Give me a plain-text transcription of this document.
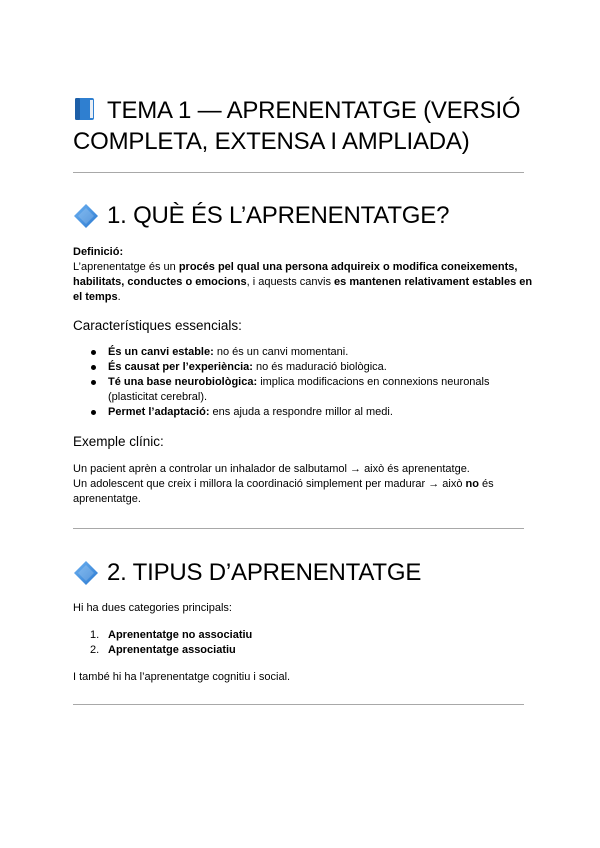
TEMA 1 — APRENENTATGE (VERSIÓ COMPLETA, EXTENSA I AMPLIADA)
1. QUÈ ÉS L’APRENENTATGE?
Definició:
L’aprenentatge és un procés pel qual una persona adquireix o modifica coneixements, habilitats, conductes o emocions, i aquests canvis es mantenen relativament estables en el temps.
Característiques essencials:
És un canvi estable: no és un canvi momentani.
És causat per l’experiència: no és maduració biològica.
Té una base neurobiològica: implica modificacions en connexions neuronals (plasticitat cerebral).
Permet l’adaptació: ens ajuda a respondre millor al medi.
Exemple clínic:
Un pacient aprèn a controlar un inhalador de salbutamol → això és aprenentatge.
Un adolescent que creix i millora la coordinació simplement per madurar → això no és aprenentatge.
2. TIPUS D’APRENENTATGE
Hi ha dues categories principals:
1. Aprenentatge no associatiu
2. Aprenentatge associatiu
I també hi ha l’aprenentatge cognitiu i social.
